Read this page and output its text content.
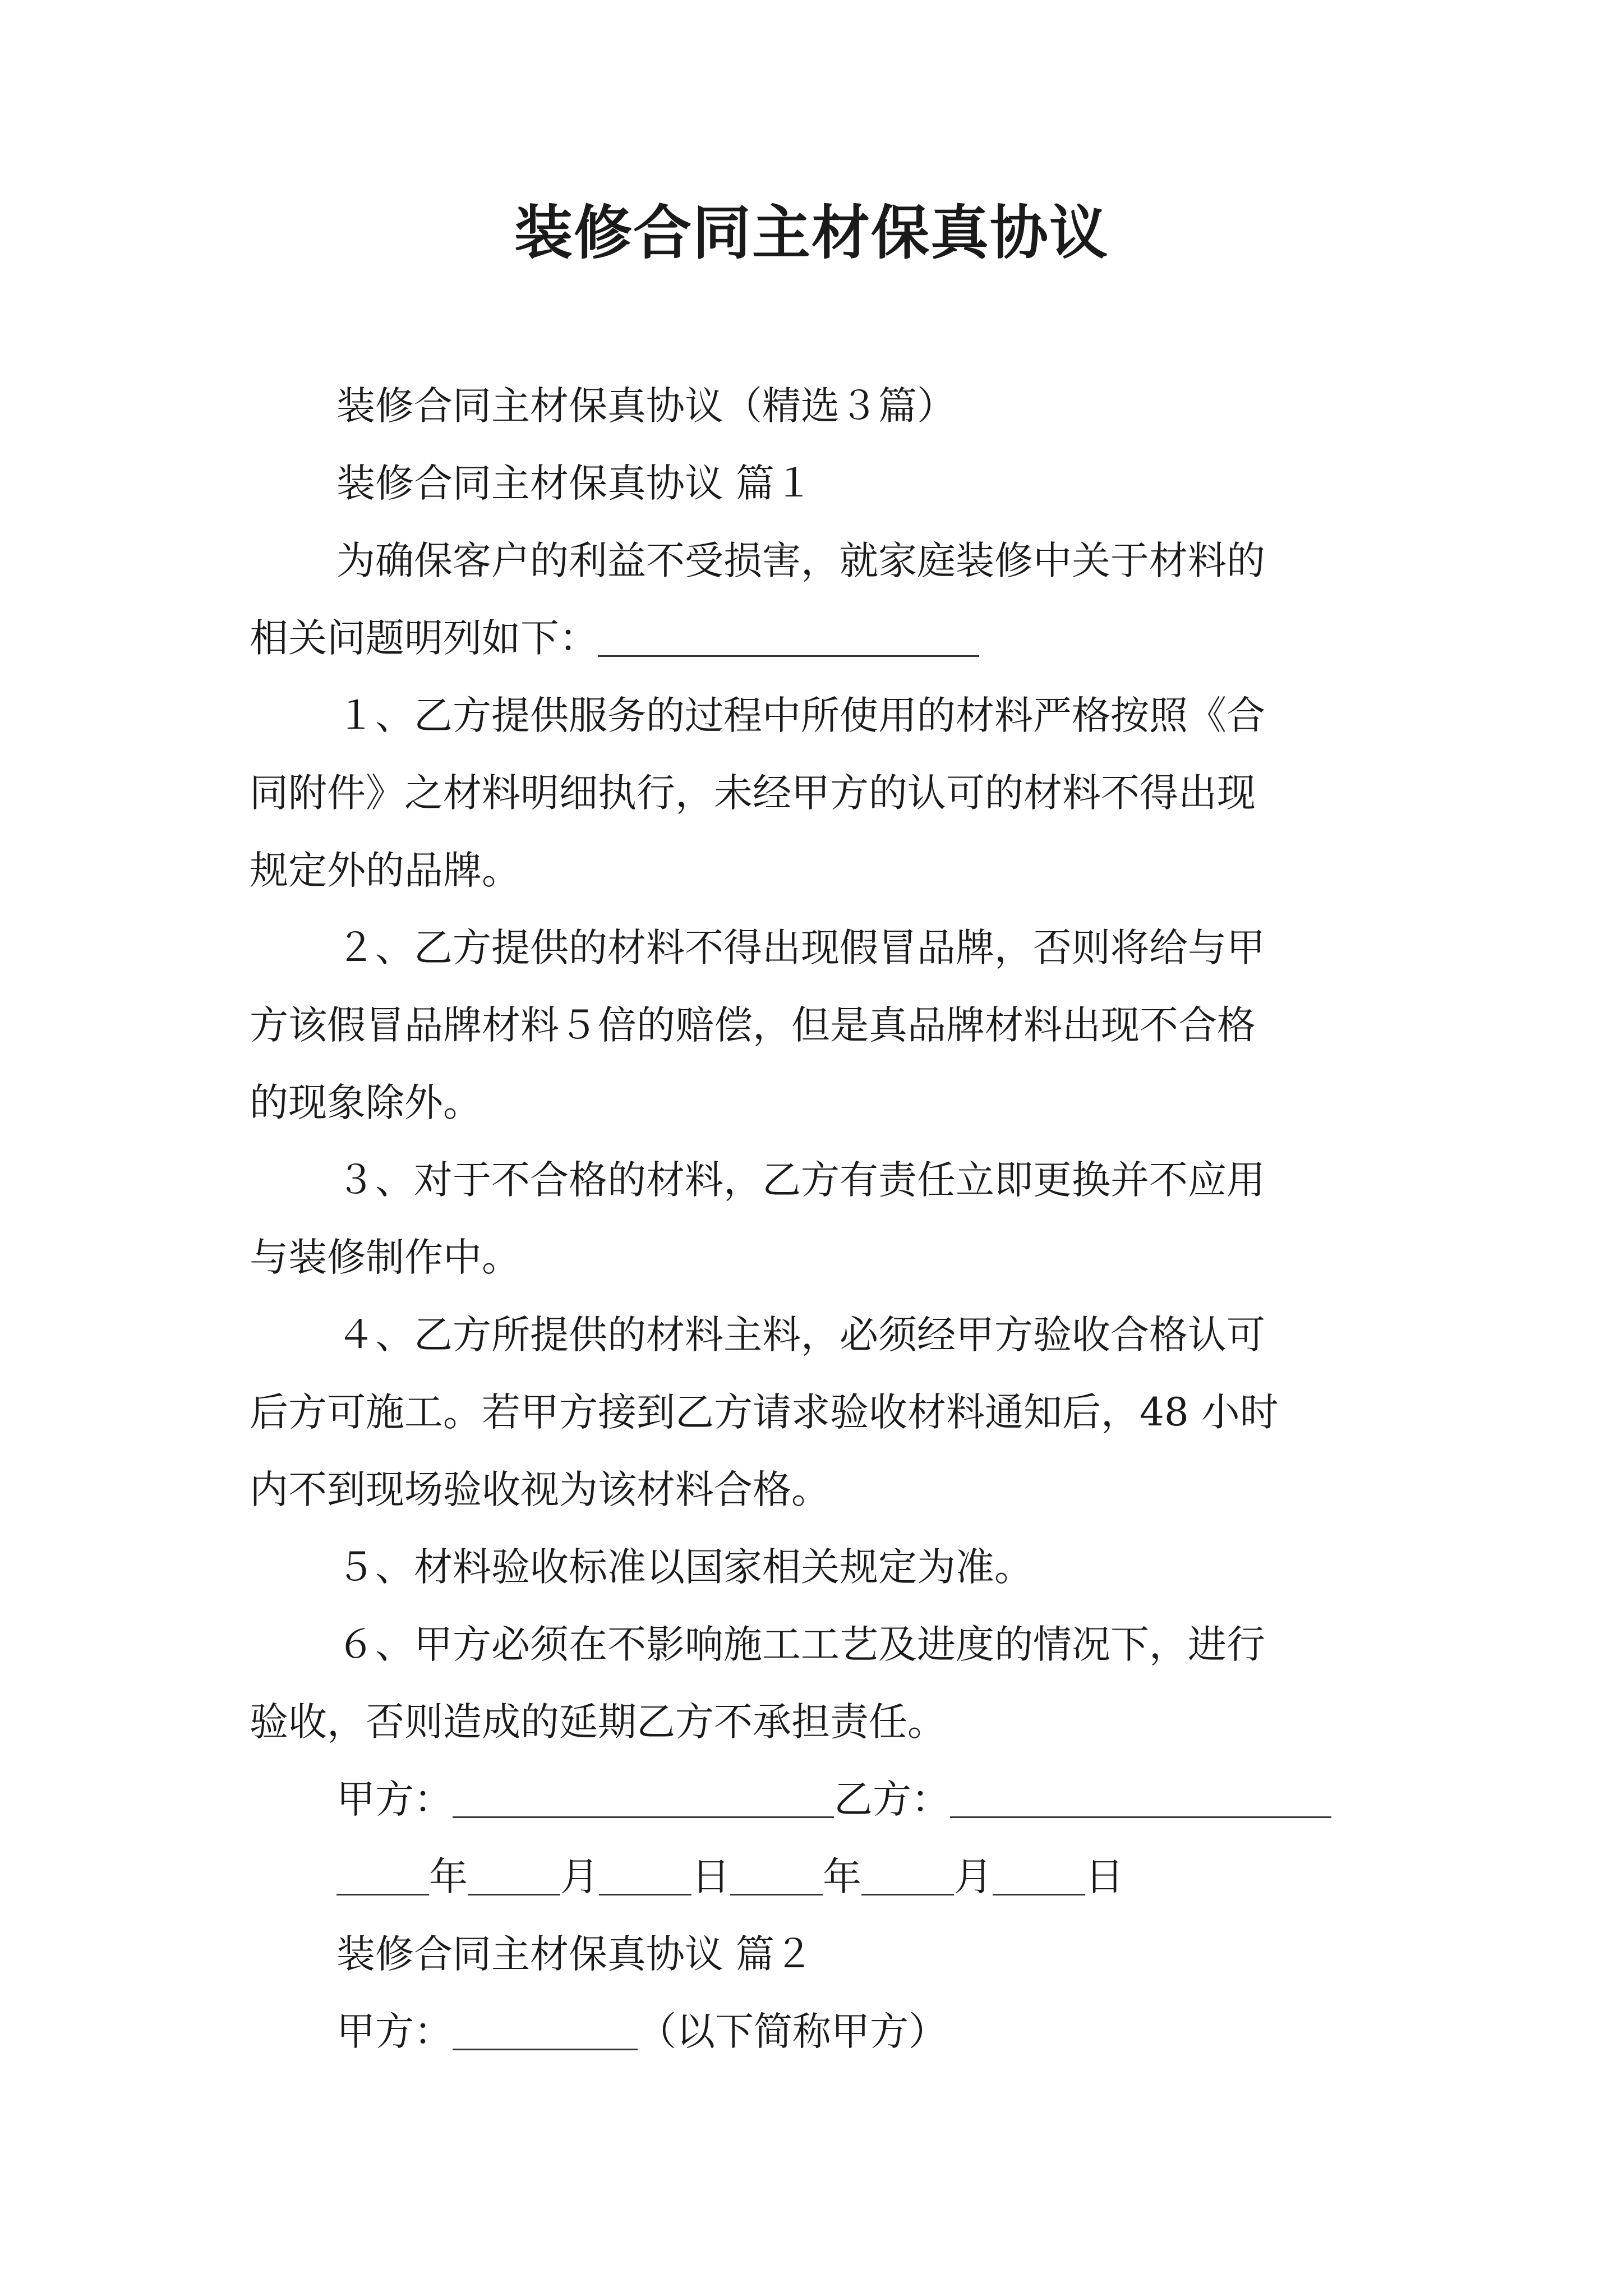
装修合同主材保真协议
装修合同主材保真协议（精选３篇）
装修合同主材保真协议 篇１
为确保客户的利益不受损害，就家庭装修中关于材料的
相关问题明列如下：
１、乙方提供服务的过程中所使用的材料严格按照《合
同附件》之材料明细执行，未经甲方的认可的材料不得出现
规定外的品牌。
２、乙方提供的材料不得出现假冒品牌，否则将给与甲
方该假冒品牌材料５倍的赔偿，但是真品牌材料出现不合格
的现象除外。
３、对于不合格的材料，乙方有责任立即更换并不应用
与装修制作中。
４、乙方所提供的材料主料，必须经甲方验收合格认可
后方可施工。若甲方接到乙方请求验收材料通知后，48 小时
内不到现场验收视为该材料合格。
５、材料验收标准以国家相关规定为准。
６、甲方必须在不影响施工工艺及进度的情况下，进行
验收，否则造成的延期乙方不承担责任。
甲方：	乙方：
年 月 日 年 月 日
装修合同主材保真协议 篇２
甲方：	（以下简称甲方）
